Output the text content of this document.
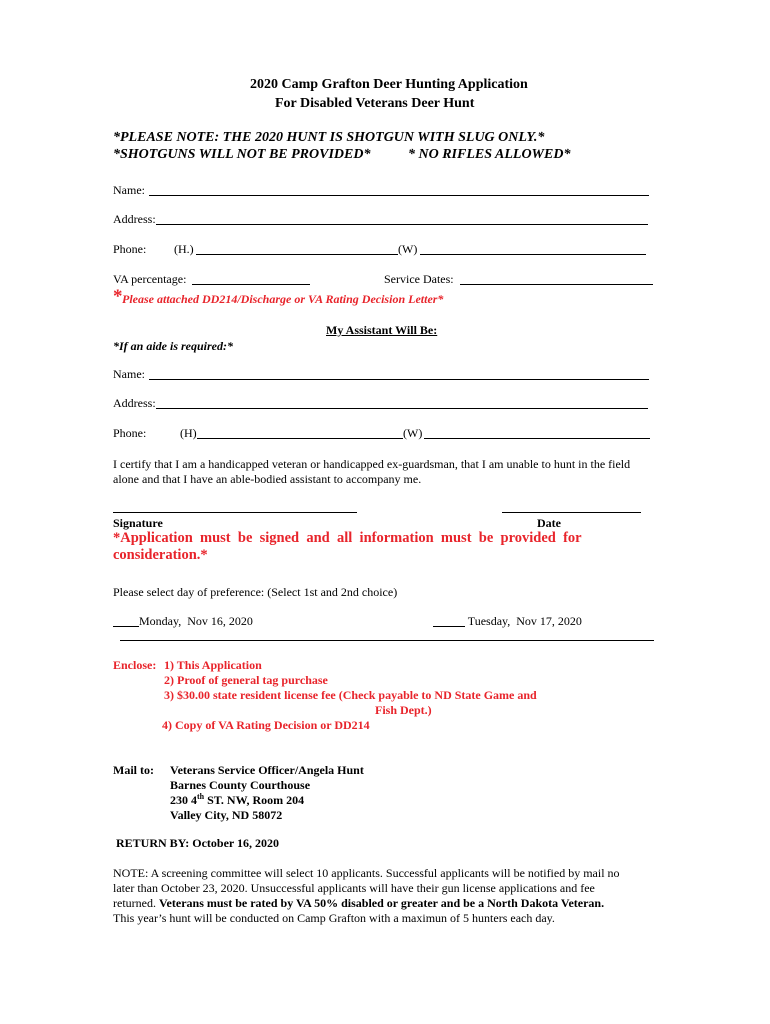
2020 Camp Grafton Deer Hunting Application
For Disabled Veterans Deer Hunt
*PLEASE NOTE: THE 2020 HUNT IS SHOTGUN WITH SLUG ONLY.*
*SHOTGUNS WILL NOT BE PROVIDED*	* NO RIFLES ALLOWED*
Name:
Address:
Phone: (H.)	(W)
VA percentage:	Service Dates:
* Please attached DD214/Discharge or VA Rating Decision Letter*
My Assistant Will Be:
*If an aide is required:*
Name:
Address:
Phone:	(H)	(W)
I certify that I am a handicapped veteran or handicapped ex-guardsman, that I am unable to hunt in the field
alone and that I have an able-bodied assistant to accompany me.
Signature	Date
*Application  must  be  signed  and  all  information  must  be  provided  for
consideration.*
Please select day of preference: (Select 1st and 2nd choice)
Monday,  Nov 16, 2020	Tuesday,  Nov 17, 2020
Enclose: 1) This Application
2) Proof of general tag purchase
3) $30.00 state resident license fee (Check payable to ND State Game and
Fish Dept.)
4) Copy of VA Rating Decision or DD214
Mail to: Veterans Service Officer/Angela Hunt
Barnes County Courthouse
230 4th ST. NW, Room 204
Valley City, ND 58072
RETURN BY: October 16, 2020
NOTE: A screening committee will select 10 applicants. Successful applicants will be notified by mail no
later than October 23, 2020. Unsuccessful applicants will have their gun license applications and fee
returned. Veterans must be rated by VA 50% disabled or greater and be a North Dakota Veteran.
This year’s hunt will be conducted on Camp Grafton with a maximun of 5 hunters each day.
